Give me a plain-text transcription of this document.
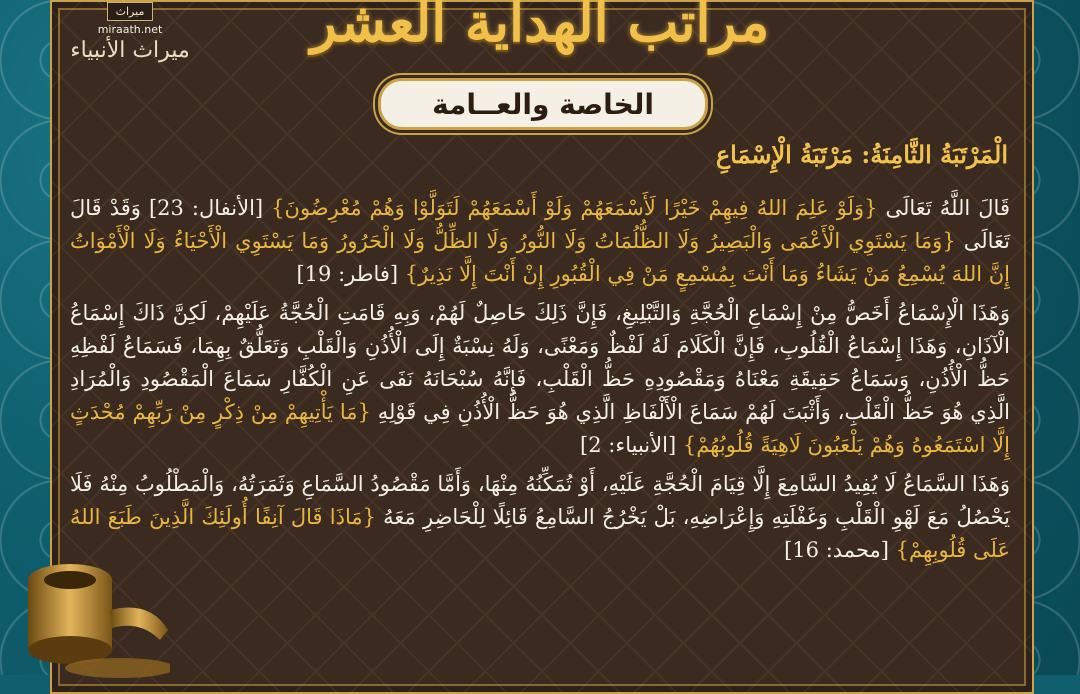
ميراث
miraath.net
ميراث الأنبياء	مراتب الهداية العشر
الخاصة والعــامة
الْمَرْتَبَةُ الثَّامِنَةُ: مَرْتَبَةُ الْإِسْمَاعِ

قَالَ اللَّهُ تَعَالَى {وَلَوْ عَلِمَ اللهُ فِيهِمْ خَيْرًا لَأَسْمَعَهُمْ وَلَوْ أَسْمَعَهُمْ لَتَوَلَّوْا وَهُمْ مُعْرِضُونَ} [الأنفال: 23] وَقَدْ قَالَ تَعَالَى {وَمَا يَسْتَوِي الْأَعْمَى وَالْبَصِيرُ وَلَا الظُّلُمَاتُ وَلَا النُّورُ وَلَا الظِّلُّ وَلَا الْحَرُورُ وَمَا يَسْتَوِي الْأَحْيَاءُ وَلَا الْأَمْوَاتُ إِنَّ اللهَ يُسْمِعُ مَنْ يَشَاءُ وَمَا أَنْتَ بِمُسْمِعٍ مَنْ فِي الْقُبُورِ إِنْ أَنْتَ إِلَّا نَذِيرٌ} [فاطر: 19]

وَهَذَا الْإِسْمَاعُ أَخَصُّ مِنْ إِسْمَاعِ الْحُجَّةِ وَالتَّبْلِيغِ، فَإِنَّ ذَلِكَ حَاصِلٌ لَهُمْ، وَبِهِ قَامَتِ الْحُجَّةُ عَلَيْهِمْ، لَكِنَّ ذَاكَ إِسْمَاعُ الْآذَانِ، وَهَذَا إِسْمَاعُ الْقُلُوبِ، فَإِنَّ الْكَلَامَ لَهُ لَفْظٌ وَمَعْنًى، وَلَهُ نِسْبَةٌ إِلَى الْأُذُنِ وَالْقَلْبِ وَتَعَلُّقٌ بِهِمَا، فَسَمَاعُ لَفْظِهِ حَظُّ الْأُذُنِ، وَسَمَاعُ حَقِيقَةِ مَعْنَاهُ وَمَقْصُودِهِ حَظُّ الْقَلْبِ، فَإِنَّهُ سُبْحَانَهُ نَفَى عَنِ الْكُفَّارِ سَمَاعَ الْمَقْصُودِ وَالْمُرَادِ الَّذِي هُوَ حَظُّ الْقَلْبِ، وَأَثْبَتَ لَهُمْ سَمَاعَ الْأَلْفَاظِ الَّذِي هُوَ حَظُّ الْأُذُنِ فِي قَوْلِهِ {مَا يَأْتِيهِمْ مِنْ ذِكْرٍ مِنْ رَبِّهِمْ مُحْدَثٍ إِلَّا اسْتَمَعُوهُ وَهُمْ يَلْعَبُونَ لَاهِيَةً قُلُوبُهُمْ} [الأنبياء: 2]

وَهَذَا السَّمَاعُ لَا يُفِيدُ السَّامِعَ إِلَّا قِيَامَ الْحُجَّةِ عَلَيْهِ، أَوْ تُمَكِّنُهُ مِنْهَا، وَأَمَّا مَقْصُودُ السَّمَاعِ وَثَمَرَتُهُ، وَالْمَطْلُوبُ مِنْهُ فَلَا يَحْصُلُ مَعَ لَهْوِ الْقَلْبِ وَغَفْلَتِهِ وَإِعْرَاضِهِ، بَلْ يَخْرُجُ السَّامِعُ قَائِلًا لِلْحَاضِرِ مَعَهُ {مَاذَا قَالَ آنِفًا أُولَئِكَ الَّذِينَ طَبَعَ اللهُ عَلَى قُلُوبِهِمْ} [محمد: 16]
